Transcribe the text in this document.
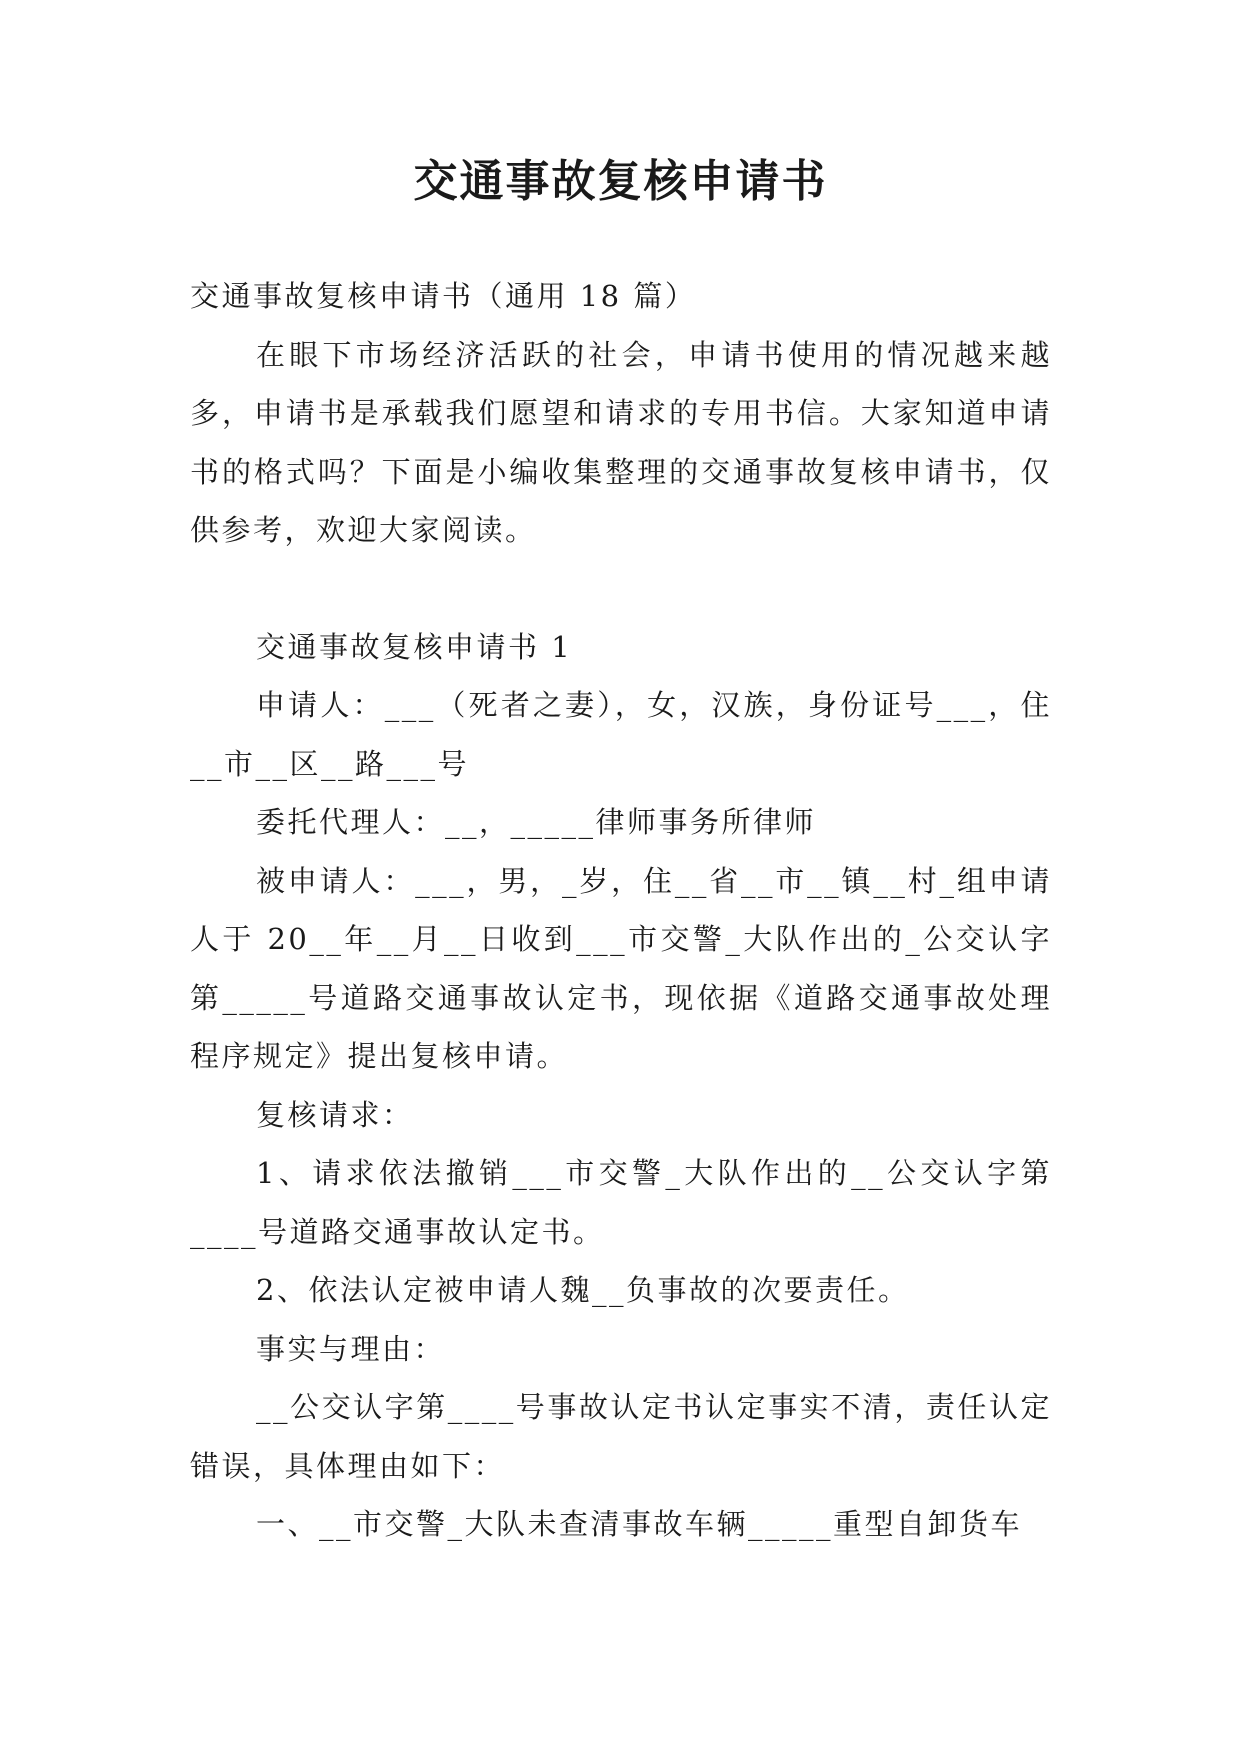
交通事故复核申请书

交通事故复核申请书（通用 18 篇）

在眼下市场经济活跃的社会，申请书使用的情况越来越多，申请书是承载我们愿望和请求的专用书信。大家知道申请书的格式吗？下面是小编收集整理的交通事故复核申请书，仅供参考，欢迎大家阅读。

交通事故复核申请书 1

申请人：___（死者之妻），女，汉族，身份证号___，住__市__区__路___号

委托代理人：__，_____律师事务所律师

被申请人：___，男，_岁，住__省__市__镇__村_组申请人于 20__年__月__日收到___市交警_大队作出的_公交认字第_____号道路交通事故认定书，现依据《道路交通事故处理程序规定》提出复核申请。

复核请求：

1、请求依法撤销___市交警_大队作出的__公交认字第____号道路交通事故认定书。

2、依法认定被申请人魏__负事故的次要责任。

事实与理由：

__公交认字第____号事故认定书认定事实不清，责任认定错误，具体理由如下：

一、__市交警_大队未查清事故车辆_____重型自卸货车
